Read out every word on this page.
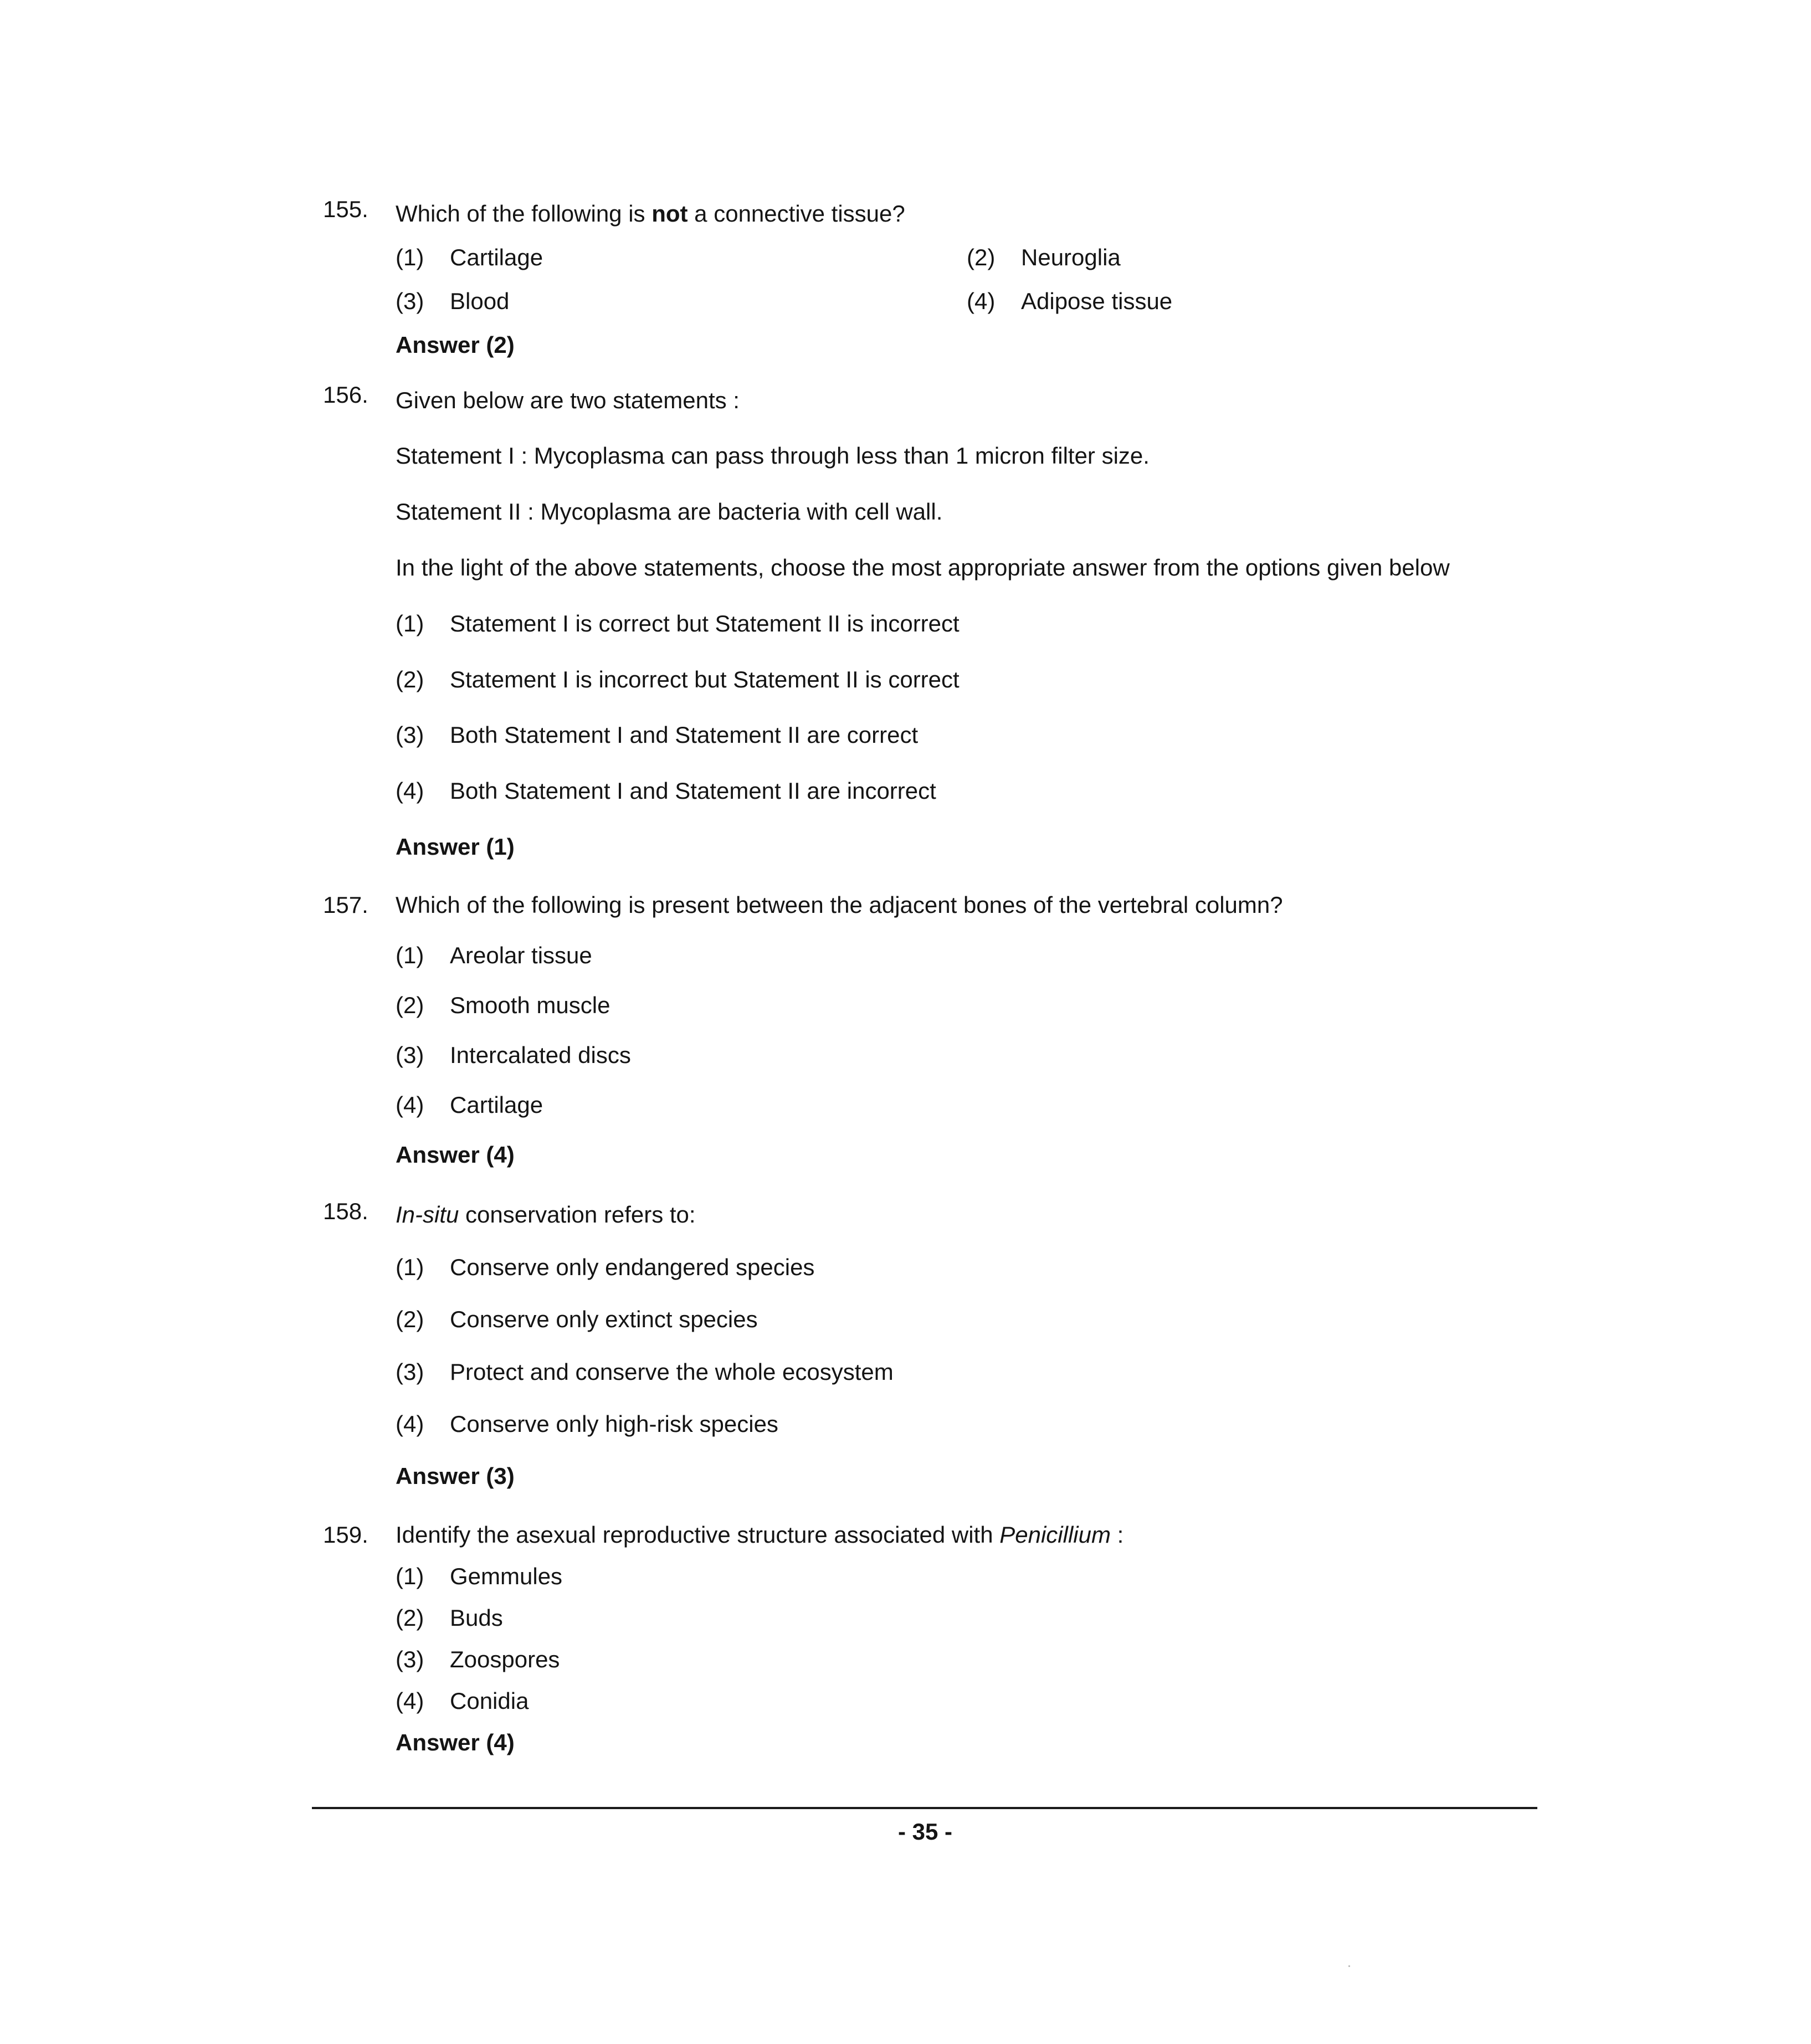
155. Which of the following is not a connective tissue?
(1) Cartilage	(2) Neuroglia
(3) Blood	(4) Adipose tissue
Answer (2)
156. Given below are two statements :
Statement I : Mycoplasma can pass through less than 1 micron filter size.
Statement II : Mycoplasma are bacteria with cell wall.
In the light of the above statements, choose the most appropriate answer from the options given below
(1) Statement I is correct but Statement II is incorrect
(2) Statement I is incorrect but Statement II is correct
(3) Both Statement I and Statement II are correct
(4) Both Statement I and Statement II are incorrect
Answer (1)
157. Which of the following is present between the adjacent bones of the vertebral column?
(1) Areolar tissue
(2) Smooth muscle
(3) Intercalated discs
(4) Cartilage
Answer (4)
158. In-situ conservation refers to:
(1) Conserve only endangered species
(2) Conserve only extinct species
(3) Protect and conserve the whole ecosystem
(4) Conserve only high-risk species
Answer (3)
159. Identify the asexual reproductive structure associated with Penicillium :
(1) Gemmules
(2) Buds
(3) Zoospores
(4) Conidia
Answer (4)
- 35 -
